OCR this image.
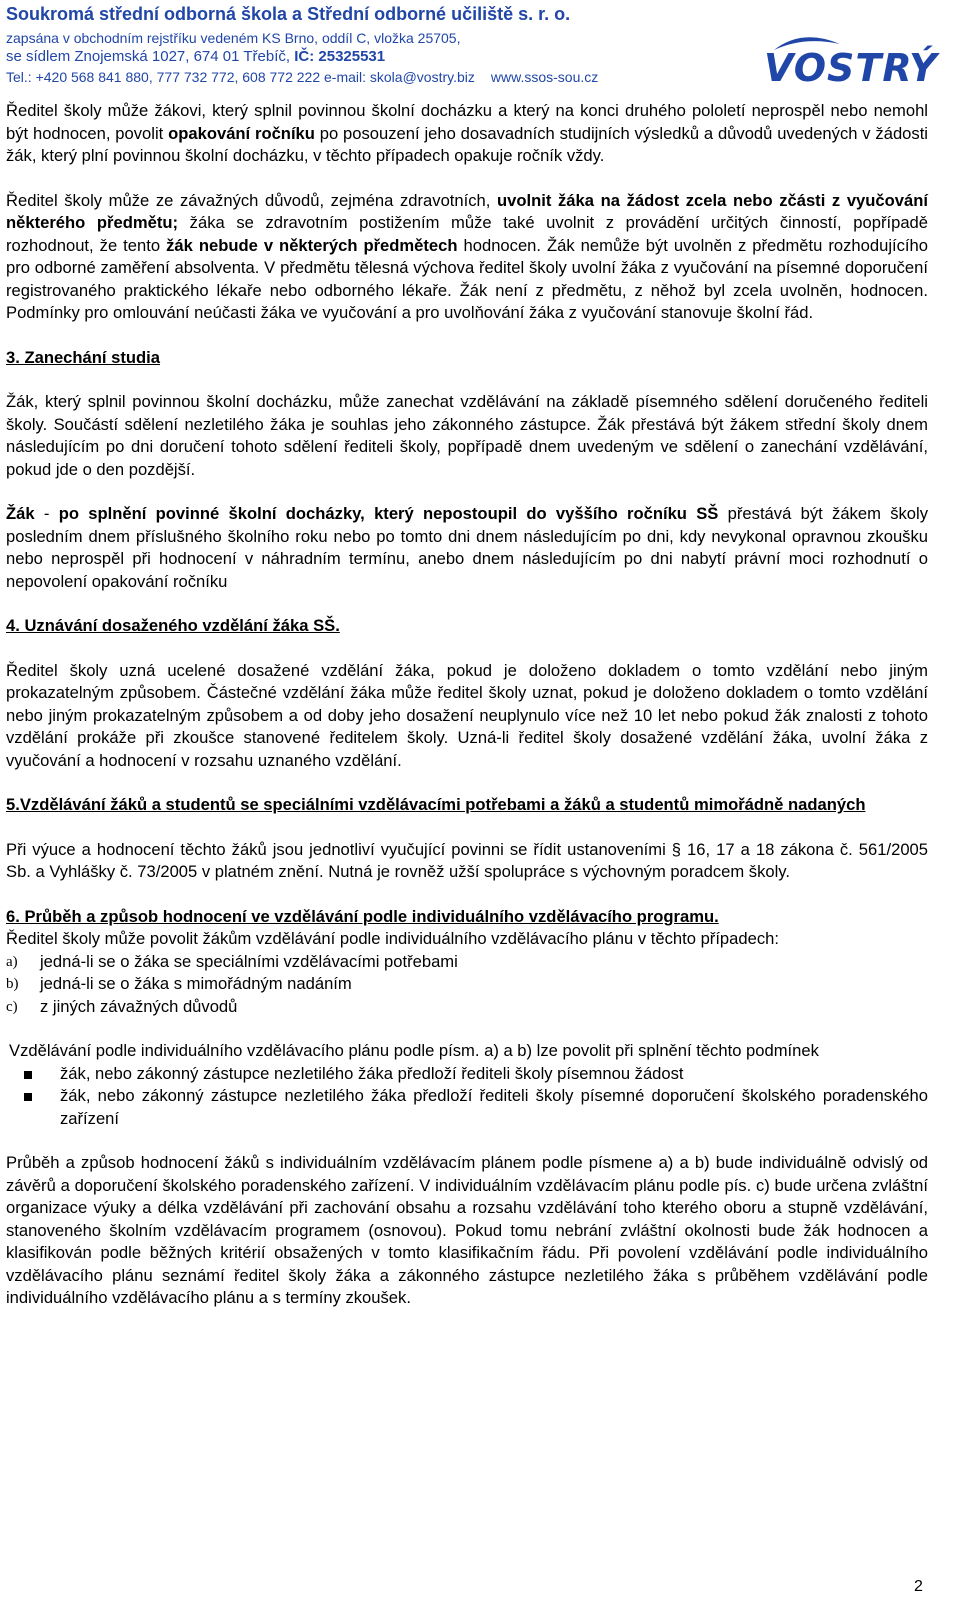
Soukromá střední odborná škola a Střední odborné učiliště s. r. o.
zapsána v obchodním rejstříku vedeném KS Brno, oddíl C, vložka 25705,
se sídlem Znojemská 1027, 674 01 Třebíč, IČ: 25325531
Tel.: +420 568 841 880, 777 732 772, 608 772 222 e-mail: skola@vostry.biz www.ssos-sou.cz	VOSTRÝ

Ředitel školy může žákovi, který splnil povinnou školní docházku a který na konci druhého pololetí neprospěl nebo nemohl být hodnocen, povolit opakování ročníku po posouzení jeho dosavadních studijních výsledků a důvodů uvedených v žádosti žák, který plní povinnou školní docházku, v těchto případech opakuje ročník vždy.

Ředitel školy může ze závažných důvodů, zejména zdravotních, uvolnit žáka na žádost zcela nebo zčásti z vyučování některého předmětu; žáka se zdravotním postižením může také uvolnit z provádění určitých činností, popřípadě rozhodnout, že tento žák nebude v některých předmětech hodnocen. Žák nemůže být uvolněn z předmětu rozhodujícího pro odborné zaměření absolventa. V předmětu tělesná výchova ředitel školy uvolní žáka z vyučování na písemné doporučení registrovaného praktického lékaře nebo odborného lékaře. Žák není z předmětu, z něhož byl zcela uvolněn, hodnocen. Podmínky pro omlouvání neúčasti žáka ve vyučování a pro uvolňování žáka z vyučování stanovuje školní řád.

3. Zanechání studia

Žák, který splnil povinnou školní docházku, může zanechat vzdělávání na základě písemného sdělení doručeného řediteli školy. Součástí sdělení nezletilého žáka je souhlas jeho zákonného zástupce. Žák přestává být žákem střední školy dnem následujícím po dni doručení tohoto sdělení řediteli školy, popřípadě dnem uvedeným ve sdělení o zanechání vzdělávání, pokud jde o den pozdější.

Žák - po splnění povinné školní docházky, který nepostoupil do vyššího ročníku SŠ přestává být žákem školy posledním dnem příslušného školního roku nebo po tomto dni dnem následujícím po dni, kdy nevykonal opravnou zkoušku nebo neprospěl při hodnocení v náhradním termínu, anebo dnem následujícím po dni nabytí právní moci rozhodnutí o nepovolení opakování ročníku

4. Uznávání dosaženého vzdělání žáka SŠ.

Ředitel školy uzná ucelené dosažené vzdělání žáka, pokud je doloženo dokladem o tomto vzdělání nebo jiným prokazatelným způsobem. Částečné vzdělání žáka může ředitel školy uznat, pokud je doloženo dokladem o tomto vzdělání nebo jiným prokazatelným způsobem a od doby jeho dosažení neuplynulo více než 10 let nebo pokud žák znalosti z tohoto vzdělání prokáže při zkoušce stanovené ředitelem školy. Uzná-li ředitel školy dosažené vzdělání žáka, uvolní žáka z vyučování a hodnocení v rozsahu uznaného vzdělání.

5.Vzdělávání žáků a studentů se speciálními vzdělávacími potřebami a žáků a studentů mimořádně nadaných

Při výuce a hodnocení těchto žáků jsou jednotliví vyučující povinni se řídit ustanoveními § 16, 17 a 18 zákona č. 561/2005 Sb. a Vyhlášky č. 73/2005 v platném znění. Nutná je rovněž užší spolupráce s výchovným poradcem školy.

6. Průběh a způsob hodnocení ve vzdělávání podle individuálního vzdělávacího programu.

Ředitel školy může povolit žákům vzdělávání podle individuálního vzdělávacího plánu v těchto případech:

a) jedná-li se o žáka se speciálními vzdělávacími potřebami
b) jedná-li se o žáka s mimořádným nadáním
c) z jiných závažných důvodů

Vzdělávání podle individuálního vzdělávacího plánu podle písm. a) a b) lze povolit při splnění těchto podmínek

žák, nebo zákonný zástupce nezletilého žáka předloží řediteli školy písemnou žádost
žák, nebo zákonný zástupce nezletilého žáka předloží řediteli školy písemné doporučení školského poradenského zařízení

Průběh a způsob hodnocení žáků s individuálním vzdělávacím plánem podle písmene a) a b) bude individuálně odvislý od závěrů a doporučení školského poradenského zařízení. V individuálním vzdělávacím plánu podle pís. c) bude určena zvláštní organizace výuky a délka vzdělávání při zachování obsahu a rozsahu vzdělávání toho kterého oboru a stupně vzdělávání, stanoveného školním vzdělávacím programem (osnovou). Pokud tomu nebrání zvláštní okolnosti bude žák hodnocen a klasifikován podle běžných kritérií obsažených v tomto klasifikačním řádu. Při povolení vzdělávání podle individuálního vzdělávacího plánu seznámí ředitel školy žáka a zákonného zástupce nezletilého žáka s průběhem vzdělávání podle individuálního vzdělávacího plánu a s termíny zkoušek.

2
